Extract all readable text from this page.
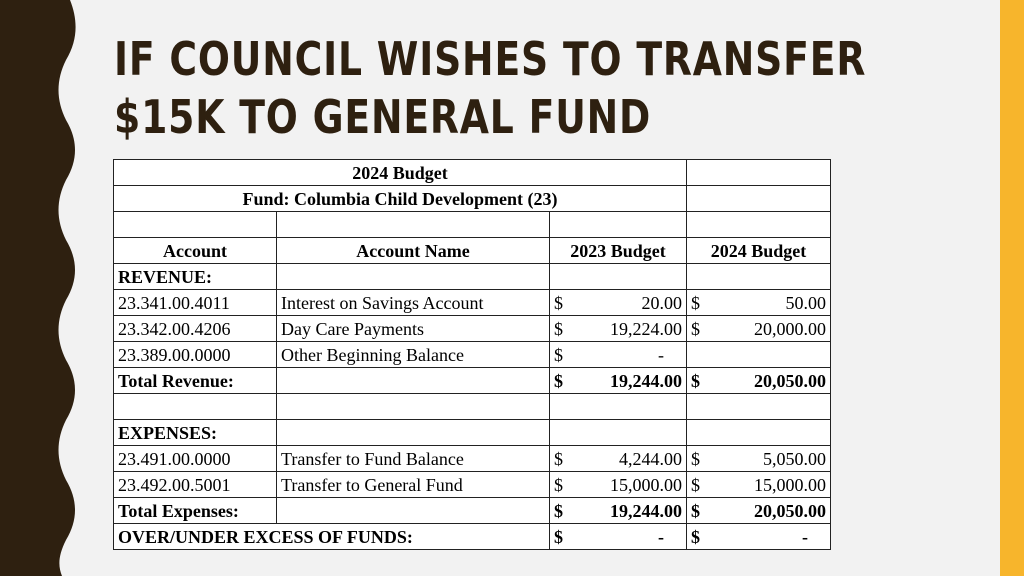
IF COUNCIL WISHES TO TRANSFER
$15K TO GENERAL FUND
2024 Budget			
Fund: Columbia Child Development (23)			

Account	Account Name	2023 Budget	2024 Budget
REVENUE:			
23.341.00.4011	Interest on Savings Account	$ 20.00	$ 50.00

23.342.00.4206	Day Care Payments	$ 19,224.00	$ 20,000.00

23.389.00.0000	Other Beginning Balance	$ -	

Total Revenue:		$ 19,244.00	$ 20,050.00

EXPENSES:			
23.491.00.0000	Transfer to Fund Balance	$ 4,244.00	$ 5,050.00

23.492.00.5001	Transfer to General Fund	$ 15,000.00	$ 15,000.00

Total Expenses:		$ 19,244.00	$ 20,050.00

OVER/UNDER EXCESS OF FUNDS:		$ -	$ -
